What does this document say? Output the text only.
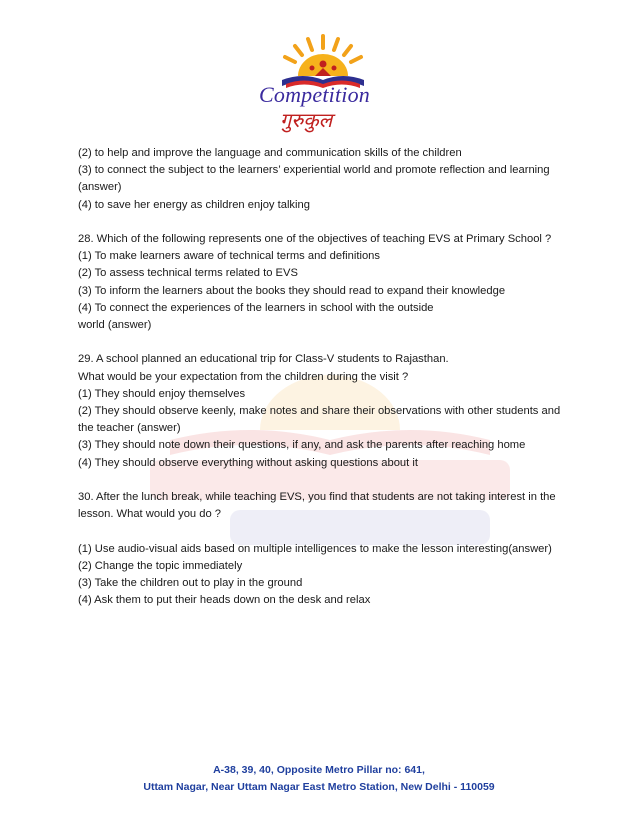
Competition
गुरुकुल
(2) to help and improve the language and communication skills of the children
(3) to connect the subject to the learners’ experiential world and promote reflection and learning
(answer)
(4) to save her energy as children enjoy talking
28. Which of the following represents one of the objectives of teaching EVS at Primary School ?
(1) To make learners aware of technical terms and definitions
(2) To assess technical terms related to EVS
(3) To inform the learners about the books they should read to expand their knowledge
(4) To connect the experiences of the learners in school with the outside
world (answer)
29. A school planned an educational trip for Class-V students to Rajasthan.
What would be your expectation from the children during the visit ?
(1) They should enjoy themselves
(2) They should observe keenly, make notes and share their observations with other students and
the teacher (answer)
(3) They should note down their questions, if any, and ask the parents after reaching home
(4) They should observe everything without asking questions about it
30. After the lunch break, while teaching EVS, you find that students are not taking interest in the
lesson. What would you do ?
(1) Use audio-visual aids based on multiple intelligences to make the lesson interesting(answer)
(2) Change the topic immediately
(3) Take the children out to play in the ground
(4) Ask them to put their heads down on the desk and relax
A-38, 39, 40, Opposite Metro Pillar no: 641,
Uttam Nagar, Near Uttam Nagar East Metro Station, New Delhi - 110059
